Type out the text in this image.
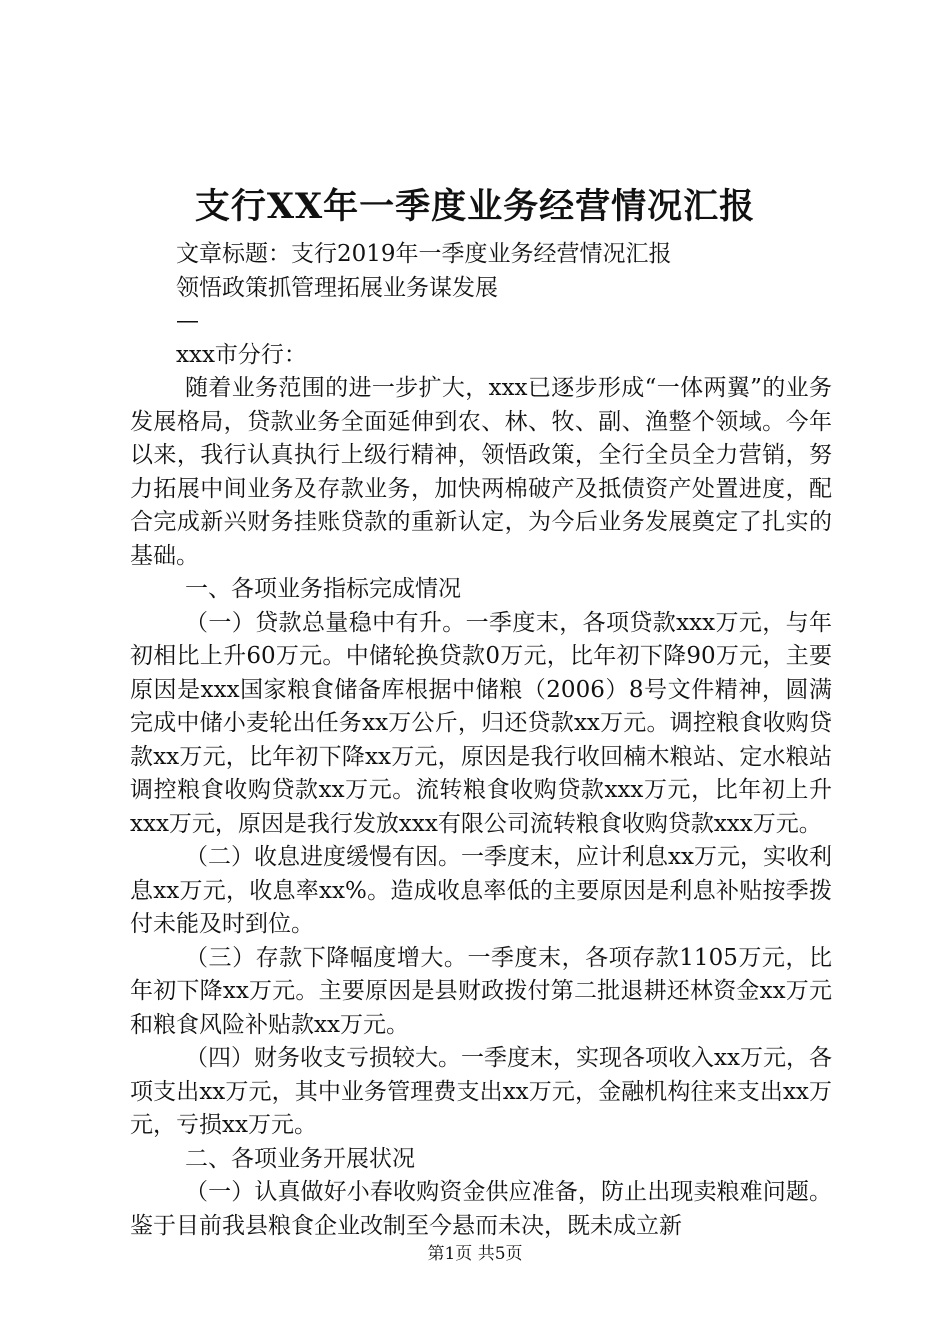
支行XX年一季度业务经营情况汇报
文章标题：支行2019年一季度业务经营情况汇报
领悟政策抓管理拓展业务谋发展
—
xxx市分行：

随着业务范围的进一步扩大，xxx已逐步形成“一体两翼”的业务发展格局，贷款业务全面延伸到农、林、牧、副、渔整个领域。今年以来，我行认真执行上级行精神，领悟政策，全行全员全力营销，努力拓展中间业务及存款业务，加快两棉破产及抵债资产处置进度，配合完成新兴财务挂账贷款的重新认定，为今后业务发展奠定了扎实的基础。

一、各项业务指标完成情况

（一）贷款总量稳中有升。一季度末，各项贷款xxx万元，与年初相比上升60万元。中储轮换贷款0万元，比年初下降90万元，主要原因是xxx国家粮食储备库根据中储粮（2006）8号文件精神，圆满完成中储小麦轮出任务xx万公斤，归还贷款xx万元。调控粮食收购贷款xx万元，比年初下降xx万元，原因是我行收回楠木粮站、定水粮站调控粮食收购贷款xx万元。流转粮食收购贷款xxx万元，比年初上升xxx万元，原因是我行发放xxx有限公司流转粮食收购贷款xxx万元。

（二）收息进度缓慢有因。一季度末，应计利息xx万元，实收利息xx万元，收息率xx%。造成收息率低的主要原因是利息补贴按季拨付未能及时到位。

（三）存款下降幅度增大。一季度末，各项存款1105万元，比年初下降xx万元。主要原因是县财政拨付第二批退耕还林资金xx万元和粮食风险补贴款xx万元。

（四）财务收支亏损较大。一季度末，实现各项收入xx万元，各项支出xx万元，其中业务管理费支出xx万元，金融机构往来支出xx万元，亏损xx万元。

二、各项业务开展状况

（一）认真做好小春收购资金供应准备，防止出现卖粮难问题。鉴于目前我县粮食企业改制至今悬而未决，既未成立新

第1页 共5页
